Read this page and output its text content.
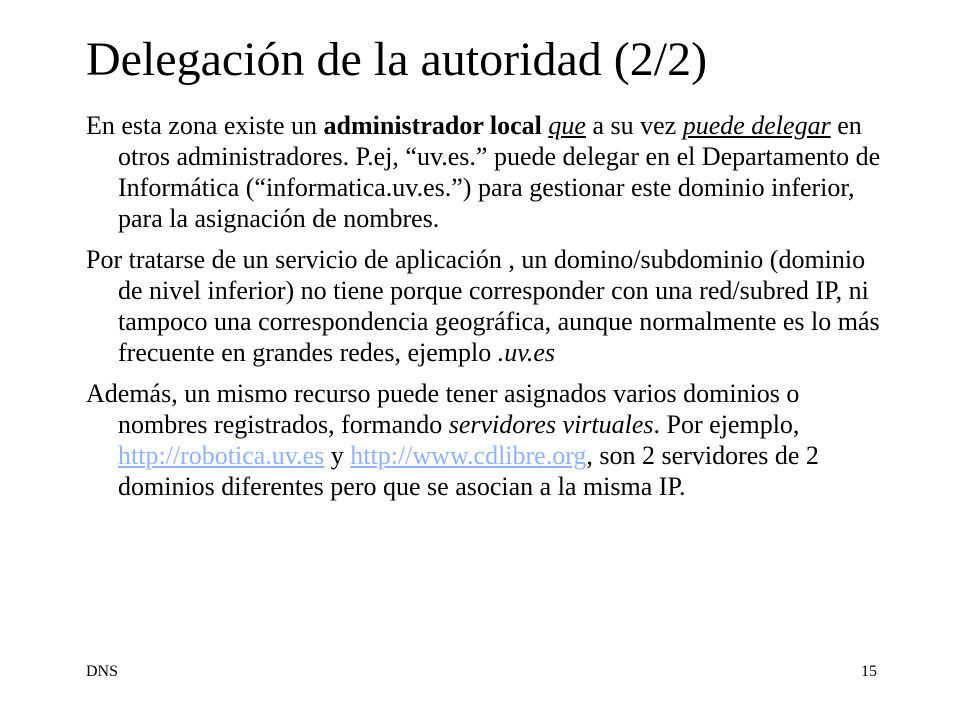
Delegación de la autoridad (2/2)

En esta zona existe un administrador local que a su vez puede delegar en otros administradores. P.ej, “uv.es.” puede delegar en el Departamento de Informática (“informatica.uv.es.”) para gestionar este dominio inferior, para la asignación de nombres.

Por tratarse de un servicio de aplicación , un domino/subdominio (dominio de nivel inferior) no tiene porque corresponder con una red/subred IP, ni tampoco una correspondencia geográfica, aunque normalmente es lo más frecuente en grandes redes, ejemplo .uv.es

Además, un mismo recurso puede tener asignados varios dominios o nombres registrados, formando servidores virtuales. Por ejemplo, http://robotica.uv.es y http://www.cdlibre.org, son 2 servidores de 2 dominios diferentes pero que se asocian a la misma IP.

DNS	15
